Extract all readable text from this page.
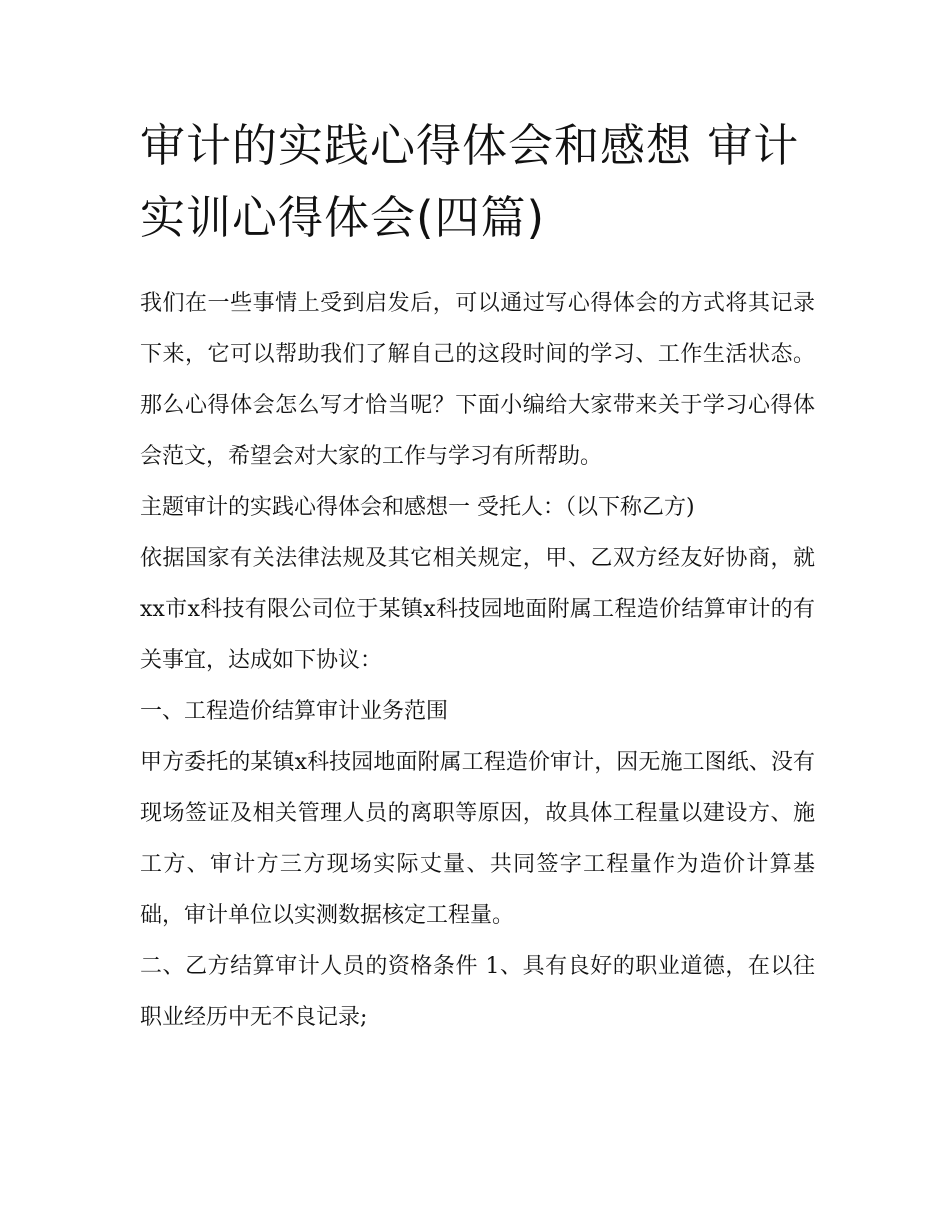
审计的实践心得体会和感想 审计实训心得体会(四篇)

我们在一些事情上受到启发后，可以通过写心得体会的方式将其记录下来，它可以帮助我们了解自己的这段时间的学习、工作生活状态。那么心得体会怎么写才恰当呢？下面小编给大家带来关于学习心得体会范文，希望会对大家的工作与学习有所帮助。

主题审计的实践心得体会和感想一 受托人：（以下称乙方)

依据国家有关法律法规及其它相关规定，甲、乙双方经友好协商，就xx市x科技有限公司位于某镇x科技园地面附属工程造价结算审计的有关事宜，达成如下协议：

一、工程造价结算审计业务范围

甲方委托的某镇x科技园地面附属工程造价审计，因无施工图纸、没有现场签证及相关管理人员的离职等原因，故具体工程量以建设方、施工方、审计方三方现场实际丈量、共同签字工程量作为造价计算基础，审计单位以实测数据核定工程量。

二、乙方结算审计人员的资格条件 1、具有良好的职业道德，在以往职业经历中无不良记录;
